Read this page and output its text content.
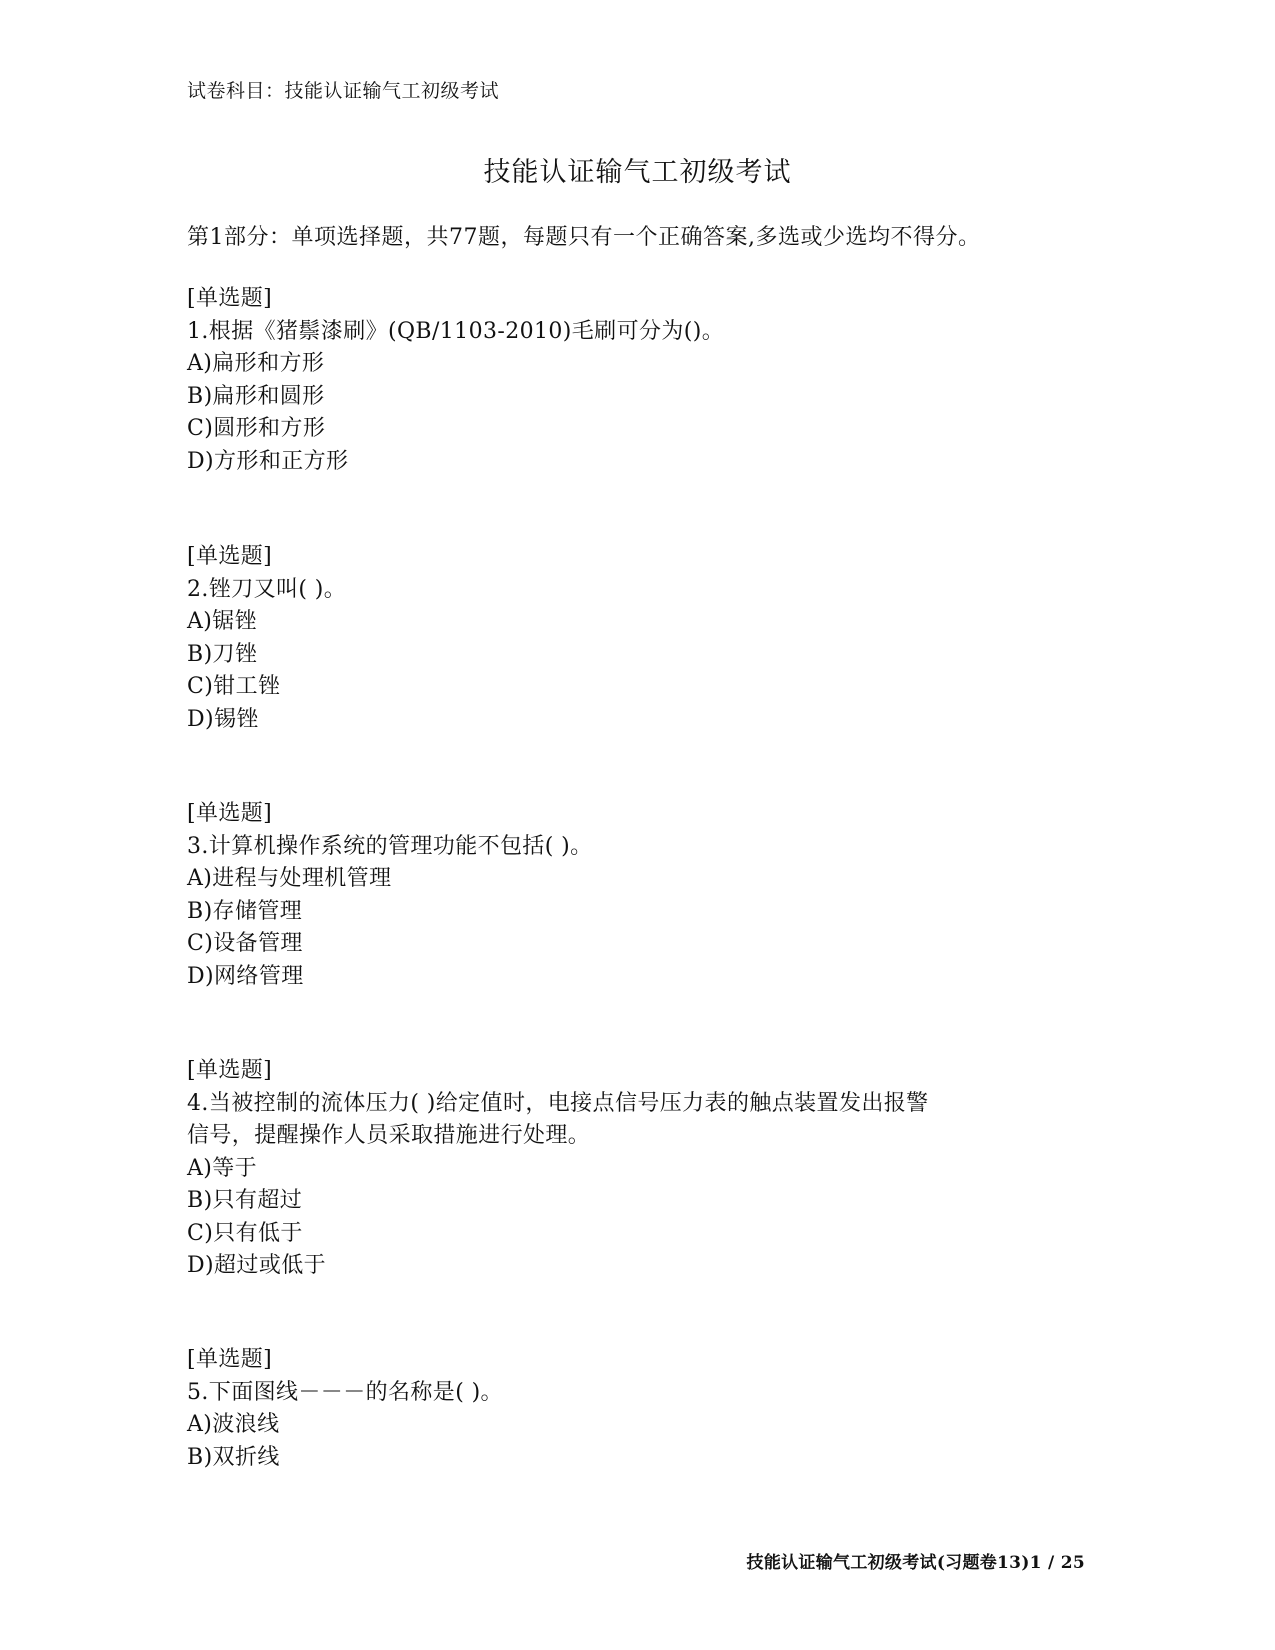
试卷科目：技能认证输气工初级考试
技能认证输气工初级考试
第1部分：单项选择题，共77题，每题只有一个正确答案,多选或少选均不得分。
[单选题]
1.根据《猪鬃漆刷》(QB/1103-2010)毛刷可分为()。
A)扁形和方形
B)扁形和圆形
C)圆形和方形
D)方形和正方形
[单选题]
2.锉刀又叫( )。
A)锯锉
B)刀锉
C)钳工锉
D)锡锉
[单选题]
3.计算机操作系统的管理功能不包括( )。
A)进程与处理机管理
B)存储管理
C)设备管理
D)网络管理
[单选题]
4.当被控制的流体压力( )给定值时，电接点信号压力表的触点装置发出报警
信号，提醒操作人员采取措施进行处理。
A)等于
B)只有超过
C)只有低于
D)超过或低于
[单选题]
5.下面图线－－－的名称是( )。
A)波浪线
B)双折线
技能认证输气工初级考试(习题卷13)1 / 25
